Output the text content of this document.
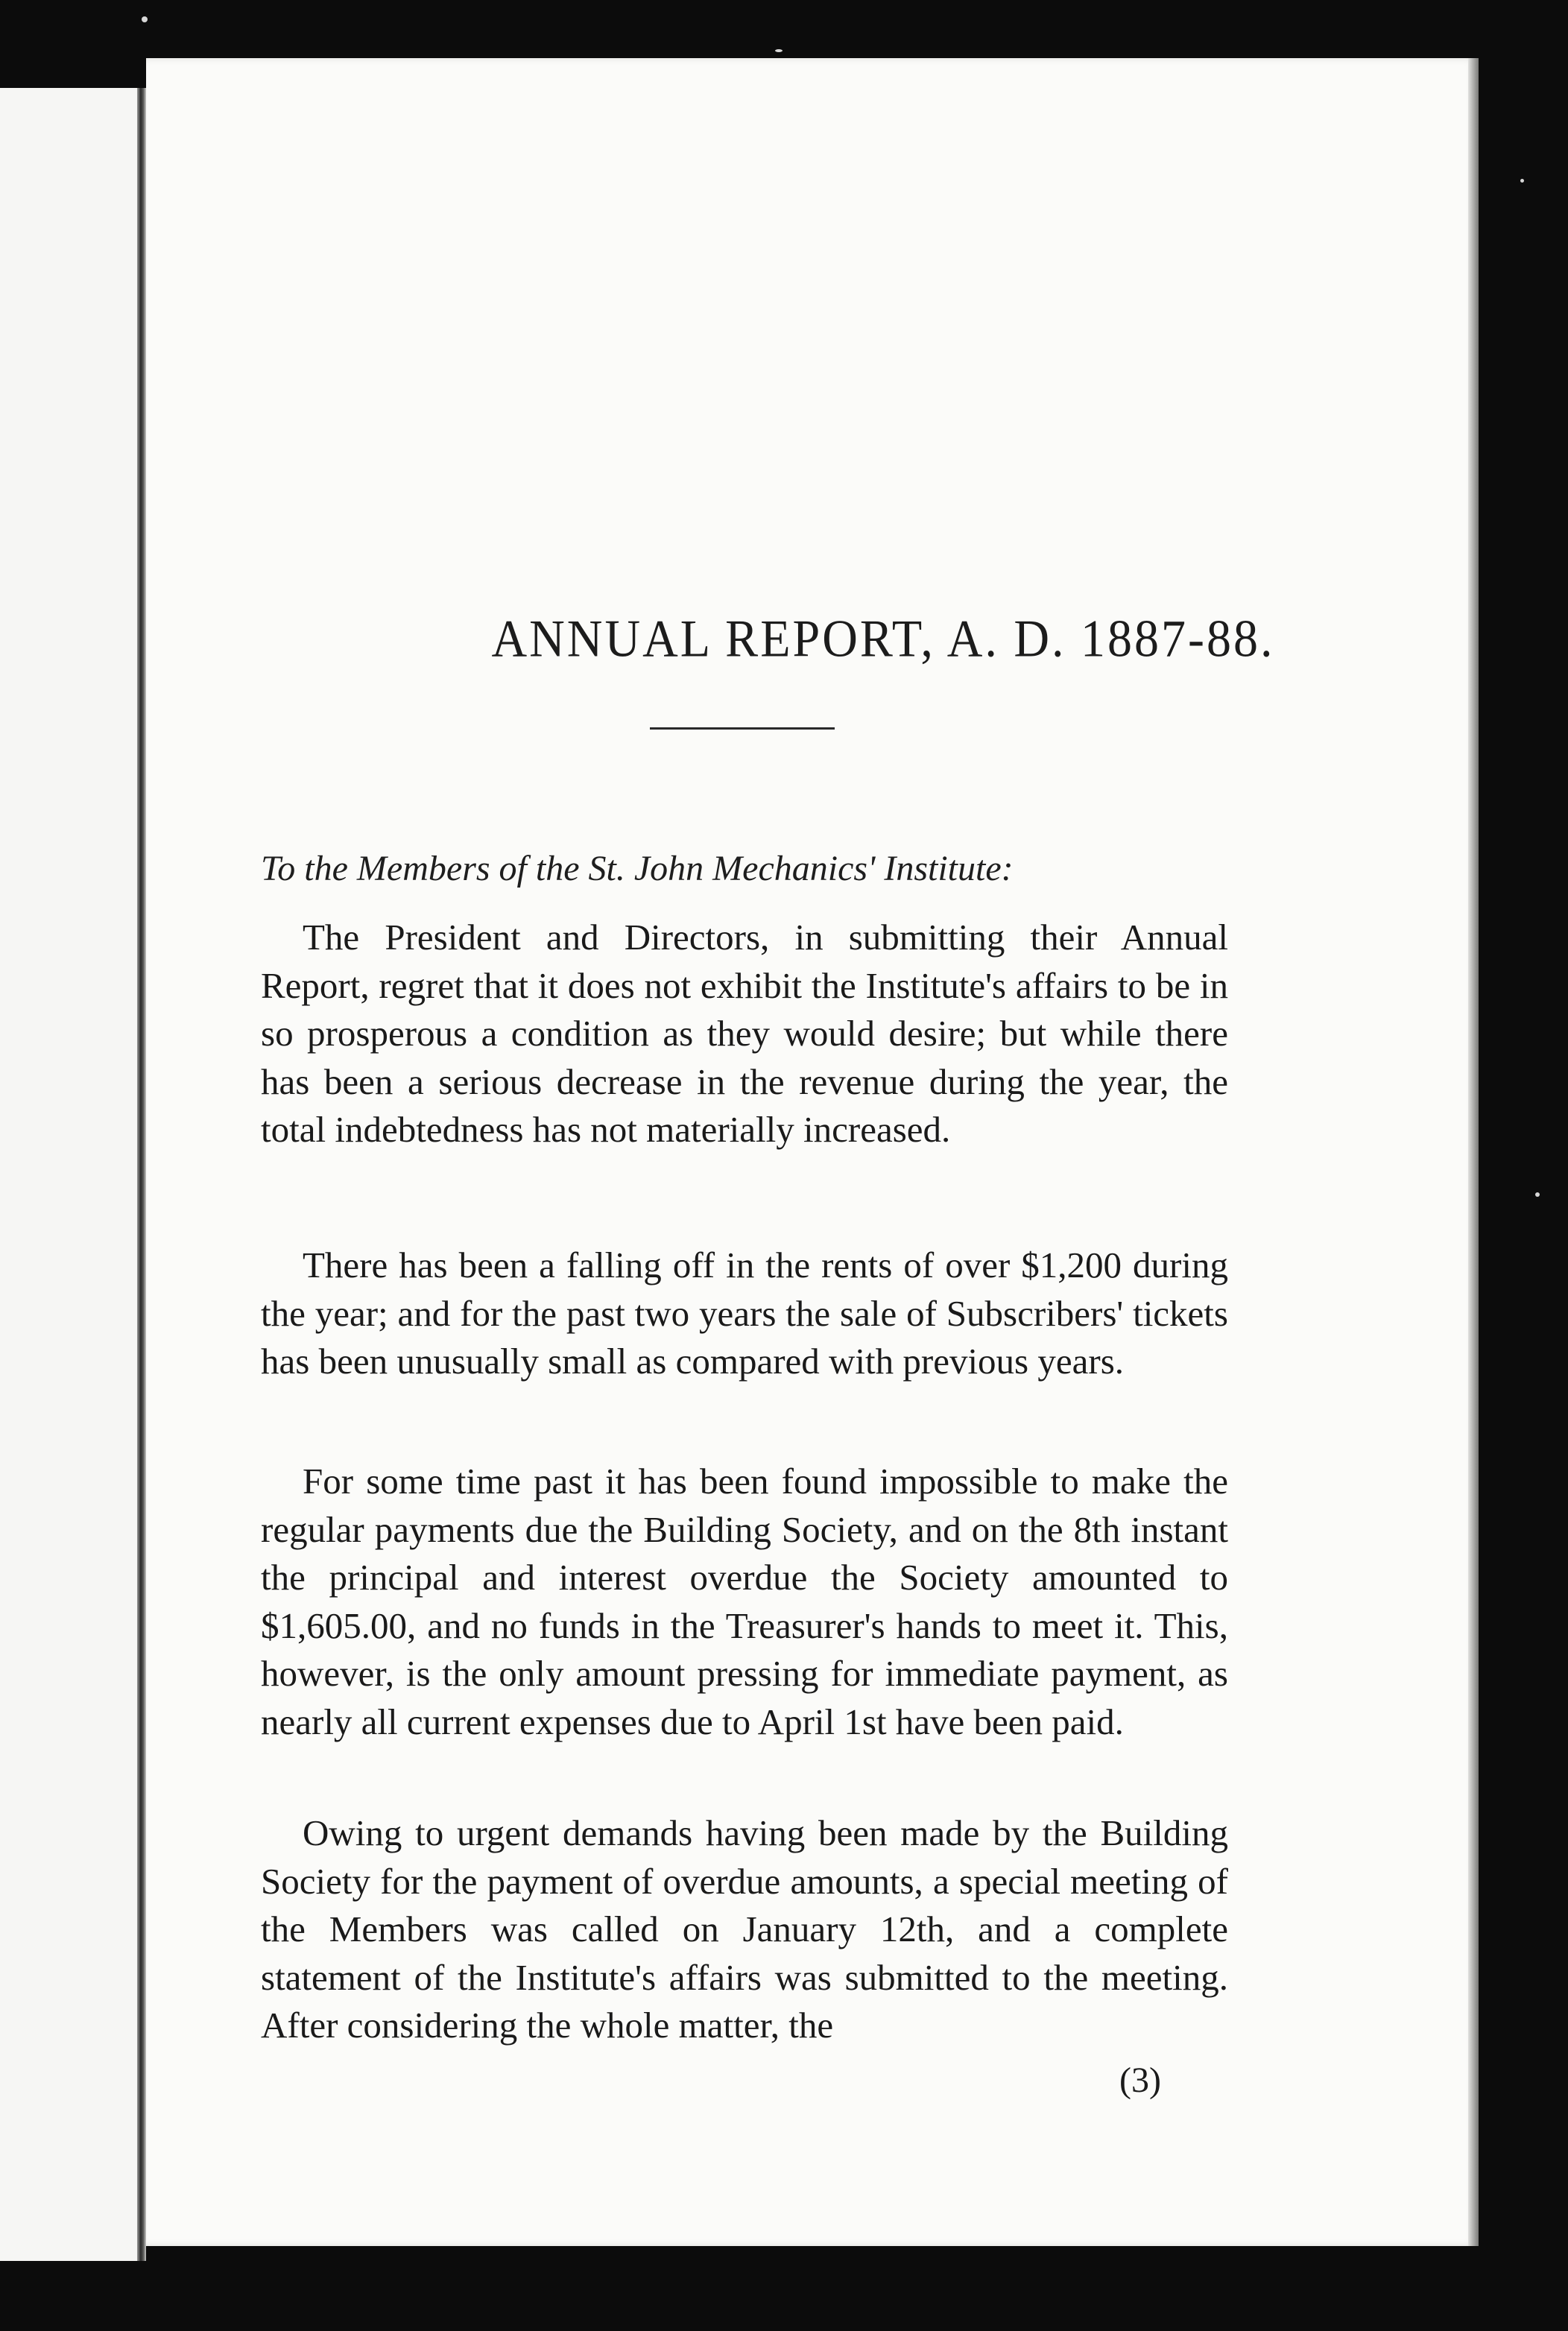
ANNUAL REPORT, A. D. 1887-88.
To the Members of the St. John Mechanics' Institute:

The President and Directors, in submitting their Annual Report, regret that it does not exhibit the Institute's affairs to be in so prosperous a condition as they would desire; but while there has been a serious decrease in the revenue during the year, the total indebtedness has not materially increased.

There has been a falling off in the rents of over $1,200 during the year; and for the past two years the sale of Subscribers' tickets has been unusually small as compared with previous years.

For some time past it has been found impossible to make the regular payments due the Building Society, and on the 8th instant the principal and interest overdue the Society amounted to $1,605.00, and no funds in the Treasurer's hands to meet it. This, however, is the only amount pressing for immediate payment, as nearly all current expenses due to April 1st have been paid.

Owing to urgent demands having been made by the Building Society for the payment of overdue amounts, a special meeting of the Members was called on January 12th, and a complete statement of the Institute's affairs was submitted to the meeting. After considering the whole matter, the

(3)
